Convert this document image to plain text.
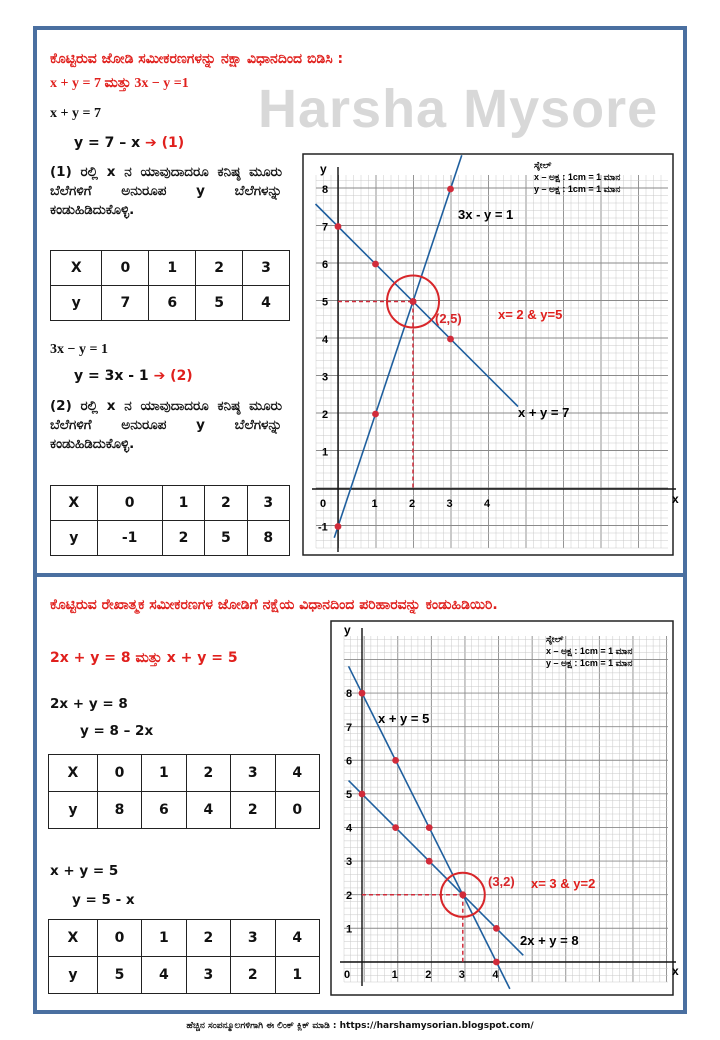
Harsha Mysore
ಕೊಟ್ಟಿರುವ ಜೋಡಿ ಸಮೀಕರಣಗಳನ್ನು ನಕ್ಷಾ ವಿಧಾನದಿಂದ ಬಿಡಿಸಿ :
x + y = 7 ಮತ್ತು 3x − y =1
x + y = 7
y = 7 – x ➔ (1)
(1) ರಲ್ಲಿ x ನ ಯಾವುದಾದರೂ ಕನಿಷ್ಠ ಮೂರು ಬೆಲೆಗಳಿಗೆ ಅನುರೂಪ y ಬೆಲೆಗಳನ್ನು ಕಂಡುಹಿಡಿದುಕೊಳ್ಳಿ.
X	0	1	2	3
y	7	6	5	4
3x − y = 1
y = 3x - 1 ➔ (2)
(2) ರಲ್ಲಿ x ನ ಯಾವುದಾದರೂ ಕನಿಷ್ಠ ಮೂರು ಬೆಲೆಗಳಿಗೆ ಅನುರೂಪ y ಬೆಲೆಗಳನ್ನು ಕಂಡುಹಿಡಿದುಕೊಳ್ಳಿ.
X	0	1	2	3
y	-1	2	5	8
x
y
0	1	2	3	4
-1
1
2
3
4
5
6
7
8
ಸ್ಕೇಲ್
x – ಅಕ್ಷ : 1cm = 1 ಮಾನ
y – ಅಕ್ಷ : 1cm = 1 ಮಾನ
x + y = 7
3x - y = 1
(2,5)	x= 2 & y=5
ಕೊಟ್ಟಿರುವ ರೇಖಾತ್ಮಕ ಸಮೀಕರಣಗಳ ಜೋಡಿಗೆ ನಕ್ಷೆಯ ವಿಧಾನದಿಂದ ಪರಿಹಾರವನ್ನು ಕಂಡುಹಿಡಿಯಿರಿ.
2x + y = 8 ಮತ್ತು x + y = 5
2x + y = 8
y = 8 – 2x
X	0	1	2	3	4
y	8	6	4	2	0
x + y = 5
y = 5 - x
X	0	1	2	3	4
y	5	4	3	2	1	x
y
0	1 2 3 4
1
2
3
4
5
6
7
8
ಸ್ಕೇಲ್
x – ಅಕ್ಷ : 1cm = 1 ಮಾನ
y – ಅಕ್ಷ : 1cm = 1 ಮಾನ
2x + y = 8
x + y = 5
(3,2) x= 3 & y=2
ಹೆಚ್ಚಿನ ಸಂಪನ್ಮೂಲಗಳಿಗಾಗಿ ಈ ಲಿಂಕ್ ಕ್ಲಿಕ್ ಮಾಡಿ : https://harshamysorian.blogspot.com/
